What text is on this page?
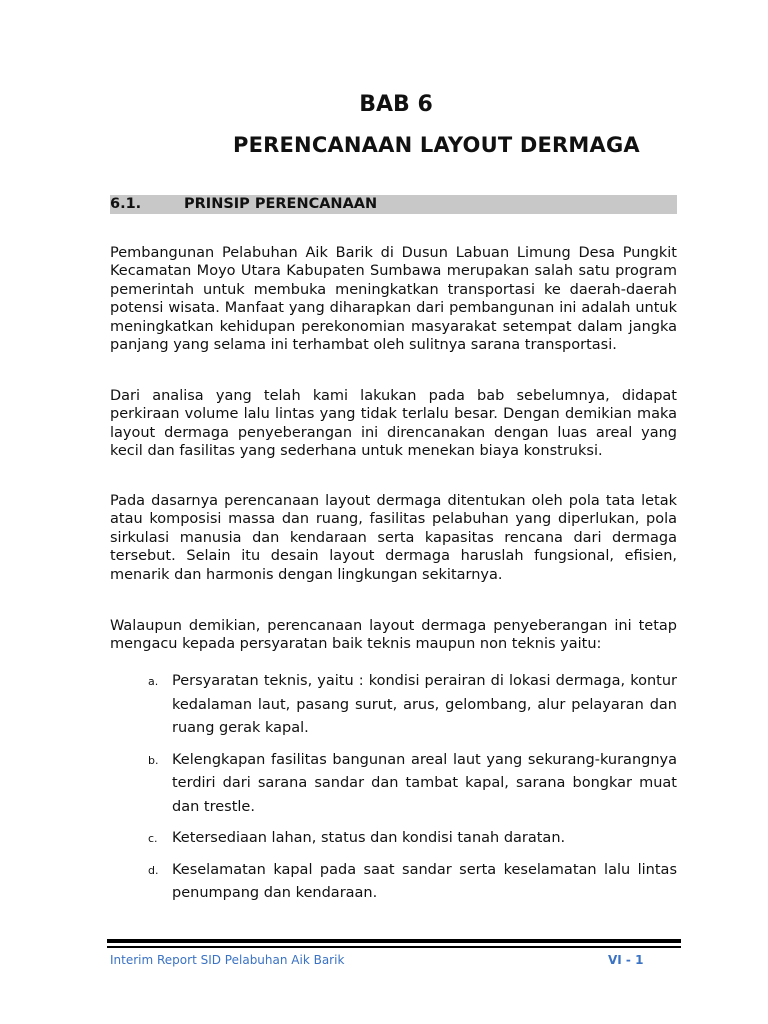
BAB 6
PERENCANAAN LAYOUT DERMAGA
6.1.	PRINSIP PERENCANAAN

Pembangunan Pelabuhan Aik Barik di Dusun Labuan Limung Desa Pungkit Kecamatan Moyo Utara Kabupaten Sumbawa merupakan salah satu program pemerintah untuk membuka meningkatkan transportasi ke daerah-daerah potensi wisata. Manfaat yang diharapkan dari pembangunan ini adalah untuk meningkatkan kehidupan perekonomian masyarakat setempat dalam jangka panjang yang selama ini terhambat oleh sulitnya sarana transportasi.

Dari analisa yang telah kami lakukan pada bab sebelumnya, didapat perkiraan volume lalu lintas yang tidak terlalu besar. Dengan demikian maka layout dermaga penyeberangan ini direncanakan dengan luas areal yang kecil dan fasilitas yang sederhana untuk menekan biaya konstruksi.

Pada dasarnya perencanaan layout dermaga ditentukan oleh pola tata letak atau komposisi massa dan ruang, fasilitas pelabuhan yang diperlukan, pola sirkulasi manusia dan kendaraan serta kapasitas rencana dari dermaga tersebut. Selain itu desain layout dermaga haruslah fungsional, efisien, menarik dan harmonis dengan lingkungan sekitarnya.

Walaupun demikian, perencanaan layout dermaga penyeberangan ini tetap mengacu kepada persyaratan baik teknis maupun non teknis yaitu:

a. Persyaratan teknis, yaitu : kondisi perairan di lokasi dermaga, kontur kedalaman laut, pasang surut, arus, gelombang, alur pelayaran dan ruang gerak kapal.
b. Kelengkapan fasilitas bangunan areal laut yang sekurang-kurangnya terdiri dari sarana sandar dan tambat kapal, sarana bongkar muat dan trestle.
c. Ketersediaan lahan, status dan kondisi tanah daratan.
d. Keselamatan kapal pada saat sandar serta keselamatan lalu lintas penumpang dan kendaraan.
Interim Report SID Pelabuhan Aik Barik	VI - 1
